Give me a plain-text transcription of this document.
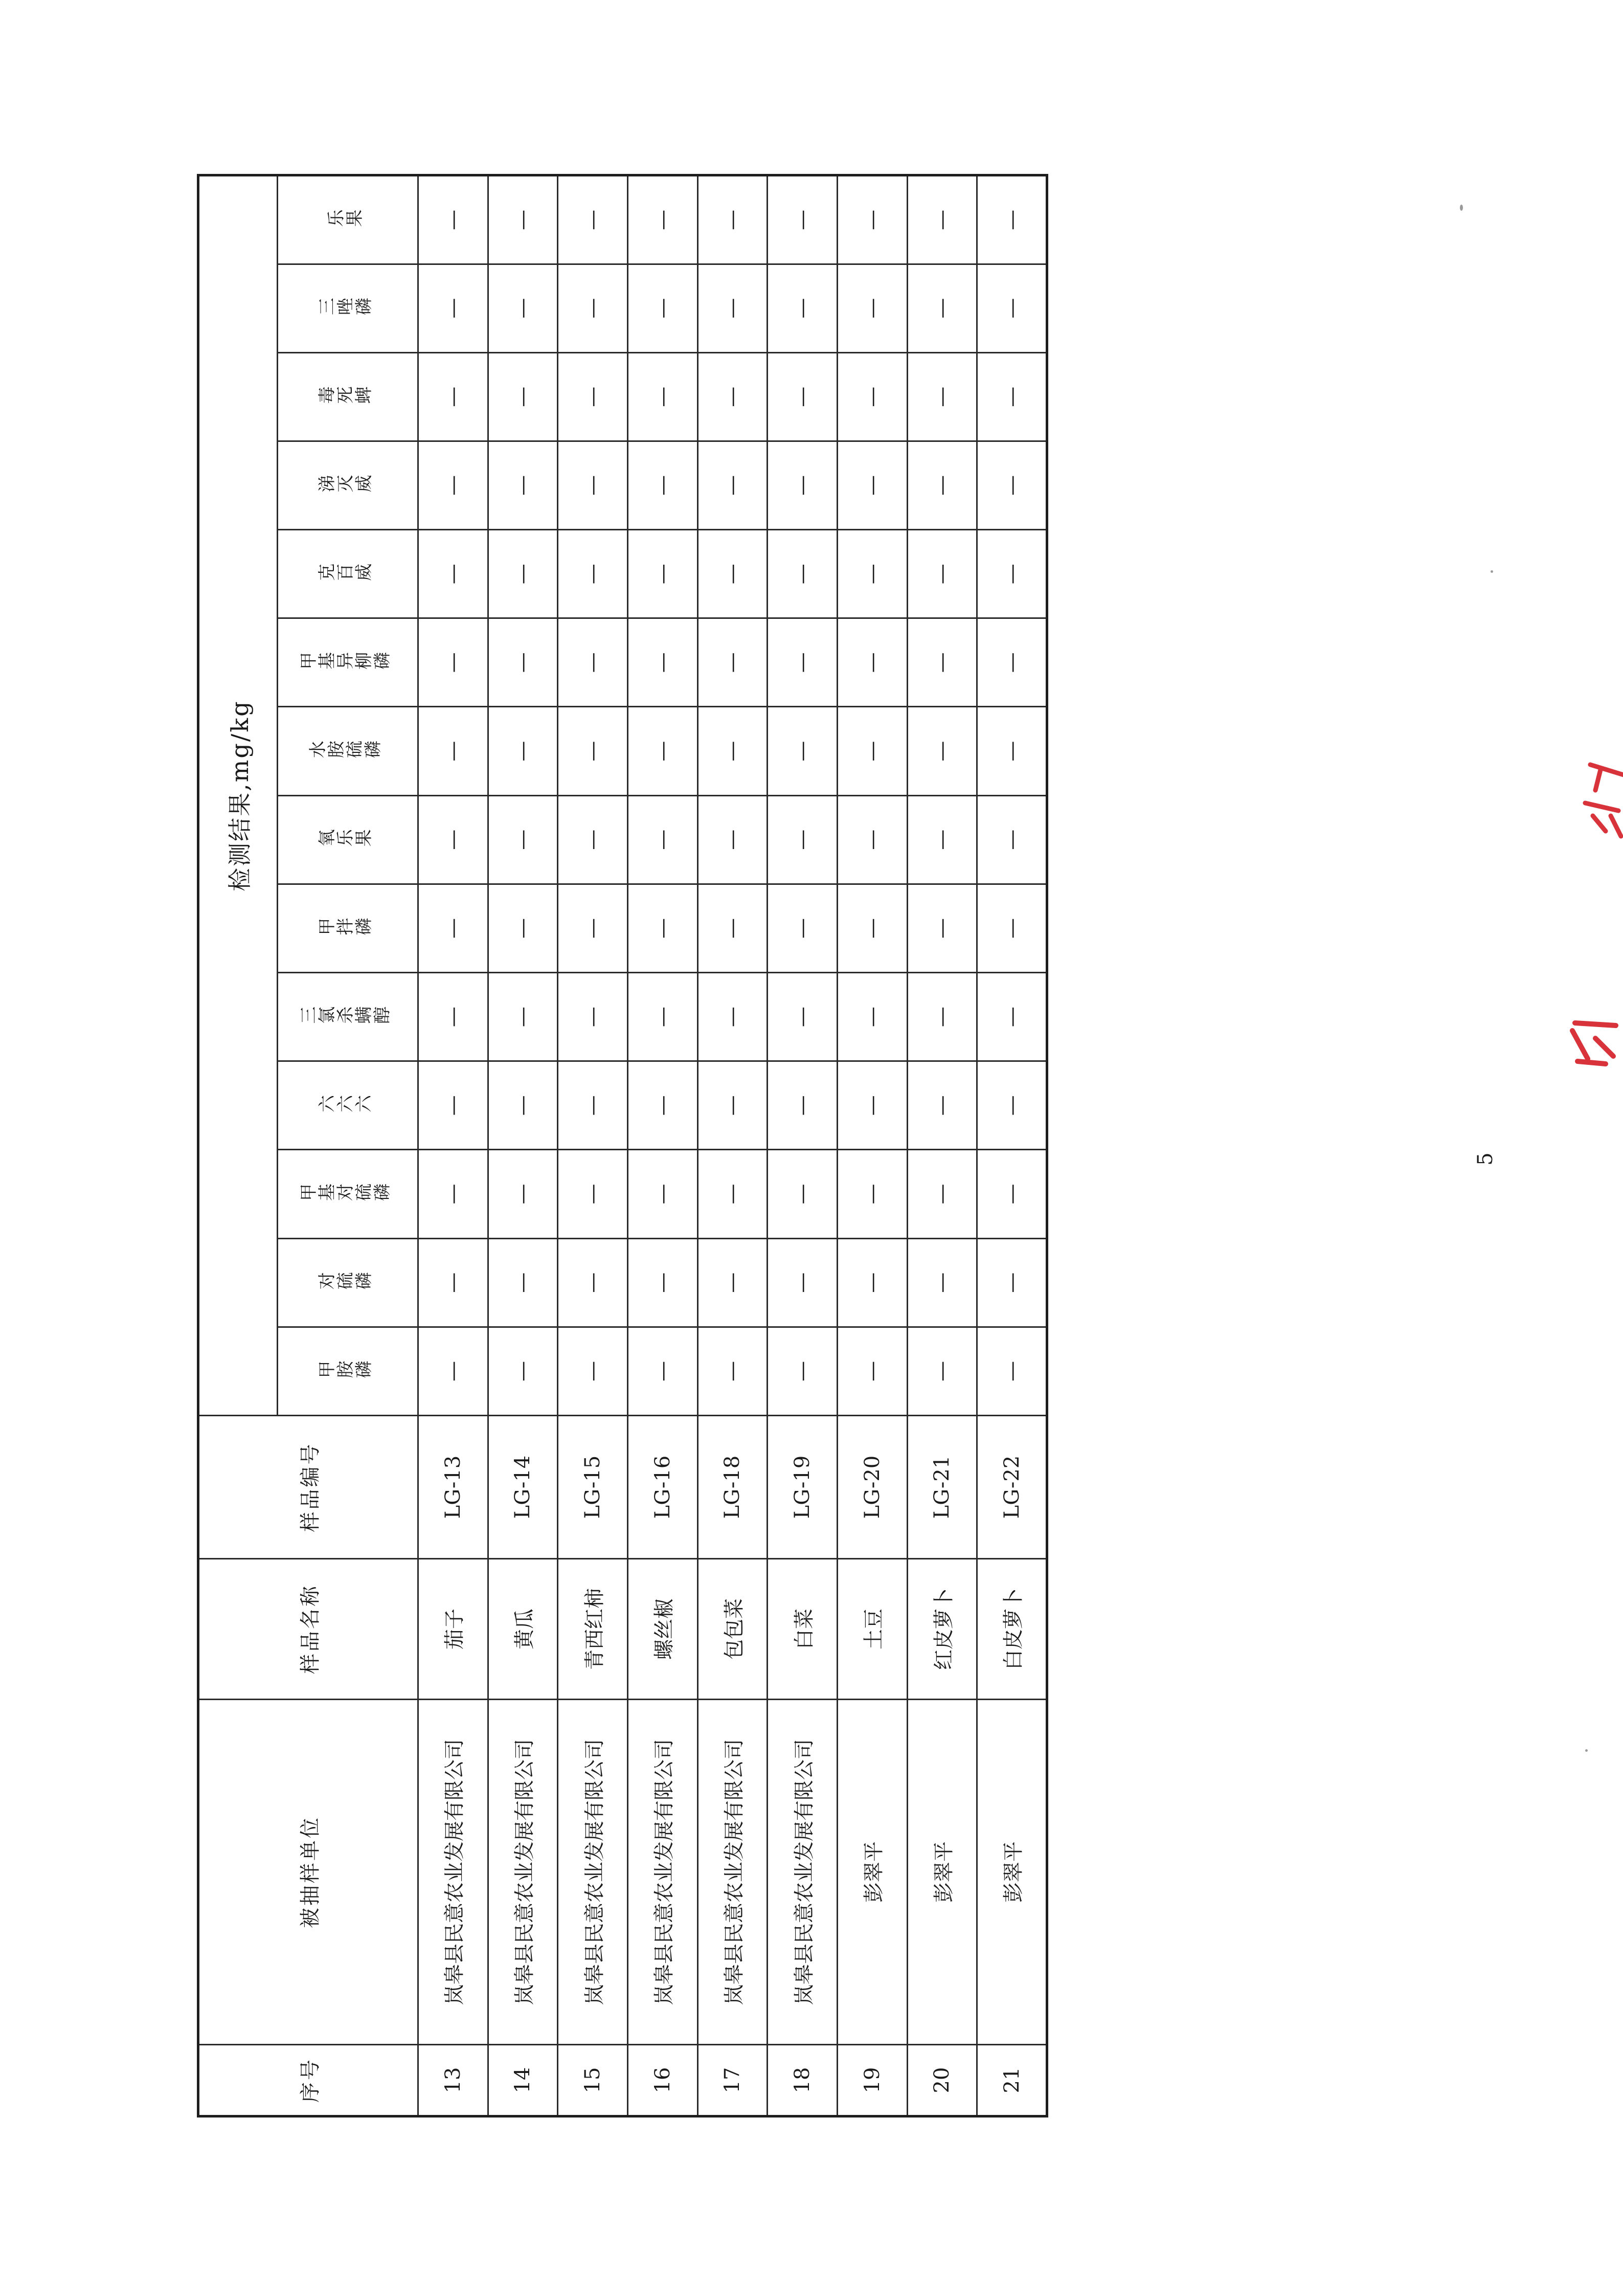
序号	被抽样单位	样品名称	样品编号	检测结果,mg/kg													
				甲胺磷	对硫磷	甲基对硫磷	六六六	三氯杀螨醇	甲拌磷	氧乐果	水胺硫磷	甲基异柳磷	克百威	涕灭威	毒死蜱	三唑磷	乐果
13	岚皋县民意农业发展有限公司	茄子	LG-13	—	—	—	—	—	—	—	—	—	—	—	—	—	—
14	岚皋县民意农业发展有限公司	黄瓜	LG-14	—	—	—	—	—	—	—	—	—	—	—	—	—	—
15	岚皋县民意农业发展有限公司	青西红柿	LG-15	—	—	—	—	—	—	—	—	—	—	—	—	—	—
16	岚皋县民意农业发展有限公司	螺丝椒	LG-16	—	—	—	—	—	—	—	—	—	—	—	—	—	—
17	岚皋县民意农业发展有限公司	包包菜	LG-18	—	—	—	—	—	—	—	—	—	—	—	—	—	—
18	岚皋县民意农业发展有限公司	白菜	LG-19	—	—	—	—	—	—	—	—	—	—	—	—	—	—
19	彭翠平	土豆	LG-20	—	—	—	—	—	—	—	—	—	—	—	—	—	—
20	彭翠平	红皮萝卜	LG-21	—	—	—	—	—	—	—	—	—	—	—	—	—	—
21	彭翠平	白皮萝卜	LG-22	—	—	—	—	—	—	—	—	—	—	—	—	—	—
5
